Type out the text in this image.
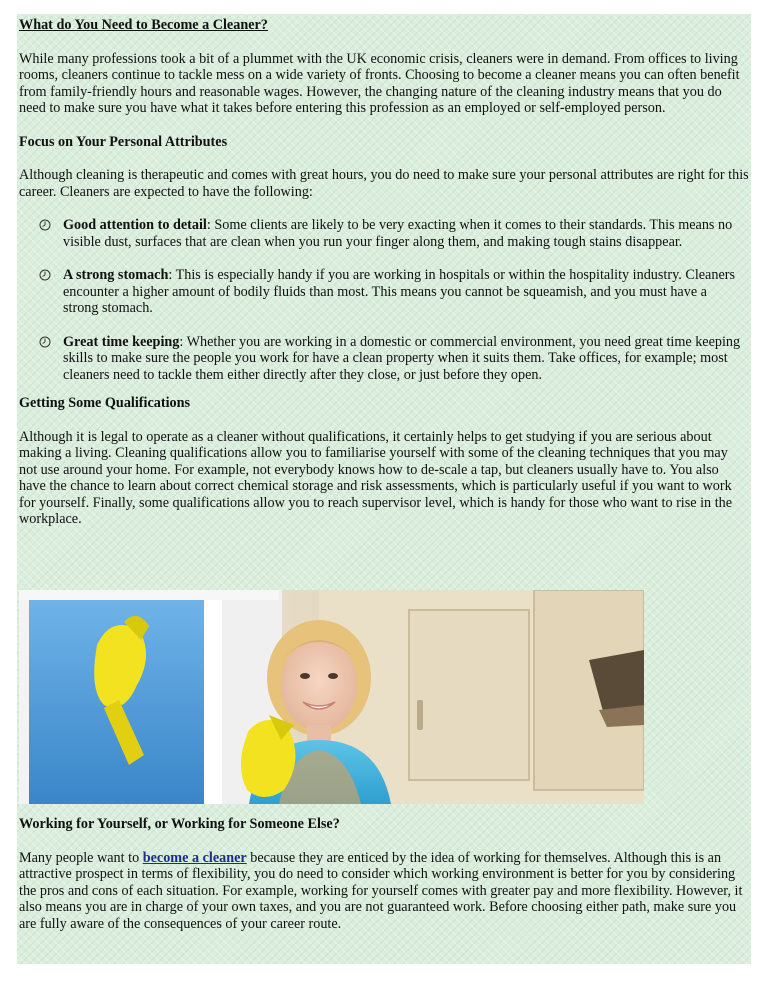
What do You Need to Become a Cleaner?

While many professions took a bit of a plummet with the UK economic crisis, cleaners were in demand. From offices to living rooms, cleaners continue to tackle mess on a wide variety of fronts. Choosing to become a cleaner means you can often benefit from family-friendly hours and reasonable wages. However, the changing nature of the cleaning industry means that you do need to make sure you have what it takes before entering this profession as an employed or self-employed person.

Focus on Your Personal Attributes

Although cleaning is therapeutic and comes with great hours, you do need to make sure your personal attributes are right for this career. Cleaners are expected to have the following:

Good attention to detail: Some clients are likely to be very exacting when it comes to their standards. This means no visible dust, surfaces that are clean when you run your finger along them, and making tough stains disappear.
A strong stomach: This is especially handy if you are working in hospitals or within the hospitality industry. Cleaners encounter a higher amount of bodily fluids than most. This means you cannot be squeamish, and you must have a strong stomach.
Great time keeping: Whether you are working in a domestic or commercial environment, you need great time keeping skills to make sure the people you work for have a clean property when it suits them. Take offices, for example; most cleaners need to tackle them either directly after they close, or just before they open.
Getting Some Qualifications

Although it is legal to operate as a cleaner without qualifications, it certainly helps to get studying if you are serious about making a living. Cleaning qualifications allow you to familiarise yourself with some of the cleaning techniques that you may not use around your home. For example, not everybody knows how to de-scale a tap, but cleaners usually have to. You also have the chance to learn about correct chemical storage and risk assessments, which is particularly useful if you want to work for yourself. Finally, some qualifications allow you to reach supervisor level, which is handy for those who want to rise in the workplace.

Working for Yourself, or Working for Someone Else?

Many people want to become a cleaner because they are enticed by the idea of working for themselves. Although this is an attractive prospect in terms of flexibility, you do need to consider which working environment is better for you by considering the pros and cons of each situation. For example, working for yourself comes with greater pay and more flexibility. However, it also means you are in charge of your own taxes, and you are not guaranteed work. Before choosing either path, make sure you are fully aware of the consequences of your career route.
